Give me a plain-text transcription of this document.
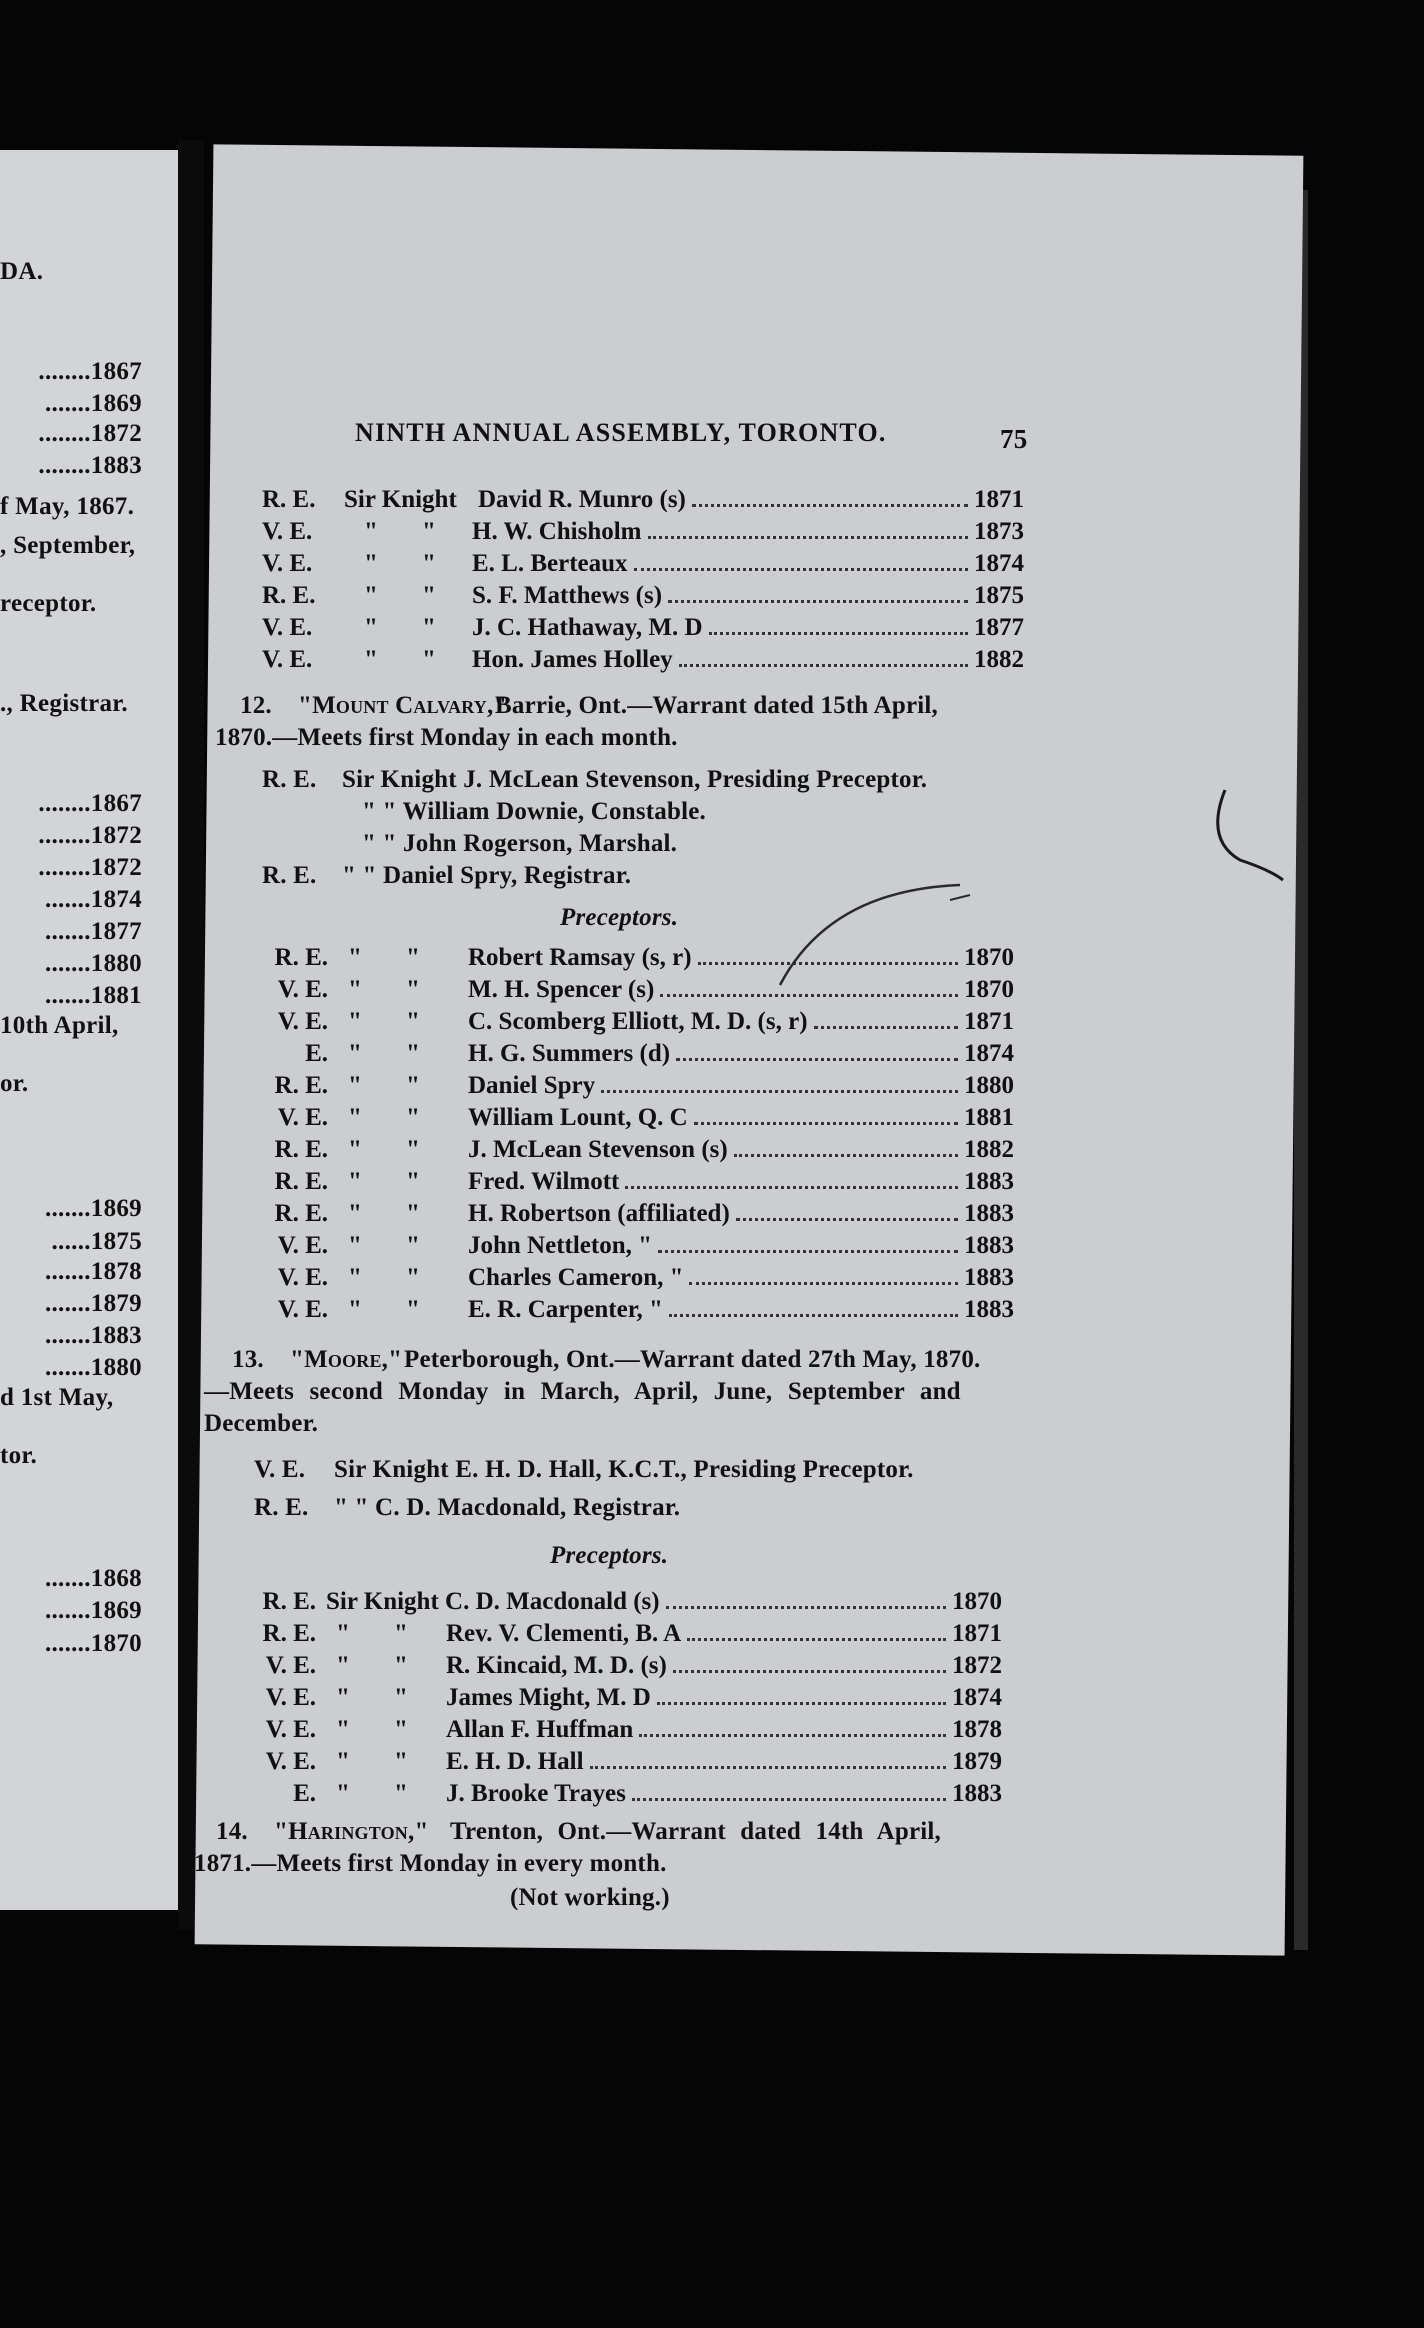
DA.
........1867
.......1869
........1872
........1883
f May, 1867.
, September,
receptor.
., Registrar.
........1867
........1872
........1872
.......1874
.......1877
.......1880
.......1881
10th April,
or.
.......1869
......1875
.......1878
.......1879
.......1883
.......1880
d 1st May,
tor.
.......1868
.......1869
.......1870
NINTH ANNUAL ASSEMBLY, TORONTO.	75
R. E.	Sir Knight David R. Munro (s)	1871
V. E.	"	"	H. W. Chisholm	1873
V. E.	"	"	E. L. Berteaux	1874
R. E.	"	"	S. F. Matthews (s)	1875
V. E.	"	"	J. C. Hathaway, M. D	1877
V. E.	"	"	Hon. James Holley	1882
12. "Mount Calvary,"
Barrie, Ont.—Warrant dated 15th April,
1870.—Meets first Monday in each month.
R. E. Sir Knight J. McLean Stevenson, Presiding Preceptor.
" " William Downie, Constable.
" " John Rogerson, Marshal.
R. E. " " Daniel Spry, Registrar.
Preceptors.
R. E. "	"	Robert Ramsay (s, r)	1870
V. E. "	"	M. H. Spencer (s)	1870
V. E. "	"	C. Scomberg Elliott, M. D. (s, r)	1871
E. "	"	H. G. Summers (d)	1874
R. E. "	"	Daniel Spry	1880
V. E. "	"	William Lount, Q. C	1881
R. E. "	"	J. McLean Stevenson (s)	1882
R. E. "	"	Fred. Wilmott	1883
R. E. "	"	H. Robertson (affiliated)	1883
V. E. "	"	John Nettleton, "	1883
V. E. "	"	Charles Cameron, "	1883
V. E. "	"	E. R. Carpenter, "	1883
13. "Moore," Peterborough, Ont.—Warrant dated 27th May, 1870.
—Meets second Monday in March, April, June, September and
December.
V. E. Sir Knight E. H. D. Hall, K.C.T., Presiding Preceptor.
R. E. " " C. D. Macdonald, Registrar.
Preceptors.
R. E. Sir Knight C. D. Macdonald (s)	1870
R. E. "	"	Rev. V. Clementi, B. A	1871
V. E. "	"	R. Kincaid, M. D. (s)	1872
V. E. "	"	James Might, M. D	1874
V. E. "	"	Allan F. Huffman	1878
V. E. "	"	E. H. D. Hall	1879
E. "	"	J. Brooke Trayes	1883
14. "Harington," Trenton, Ont.—Warrant dated 14th April,
1871.—Meets first Monday in every month.
(Not working.)
